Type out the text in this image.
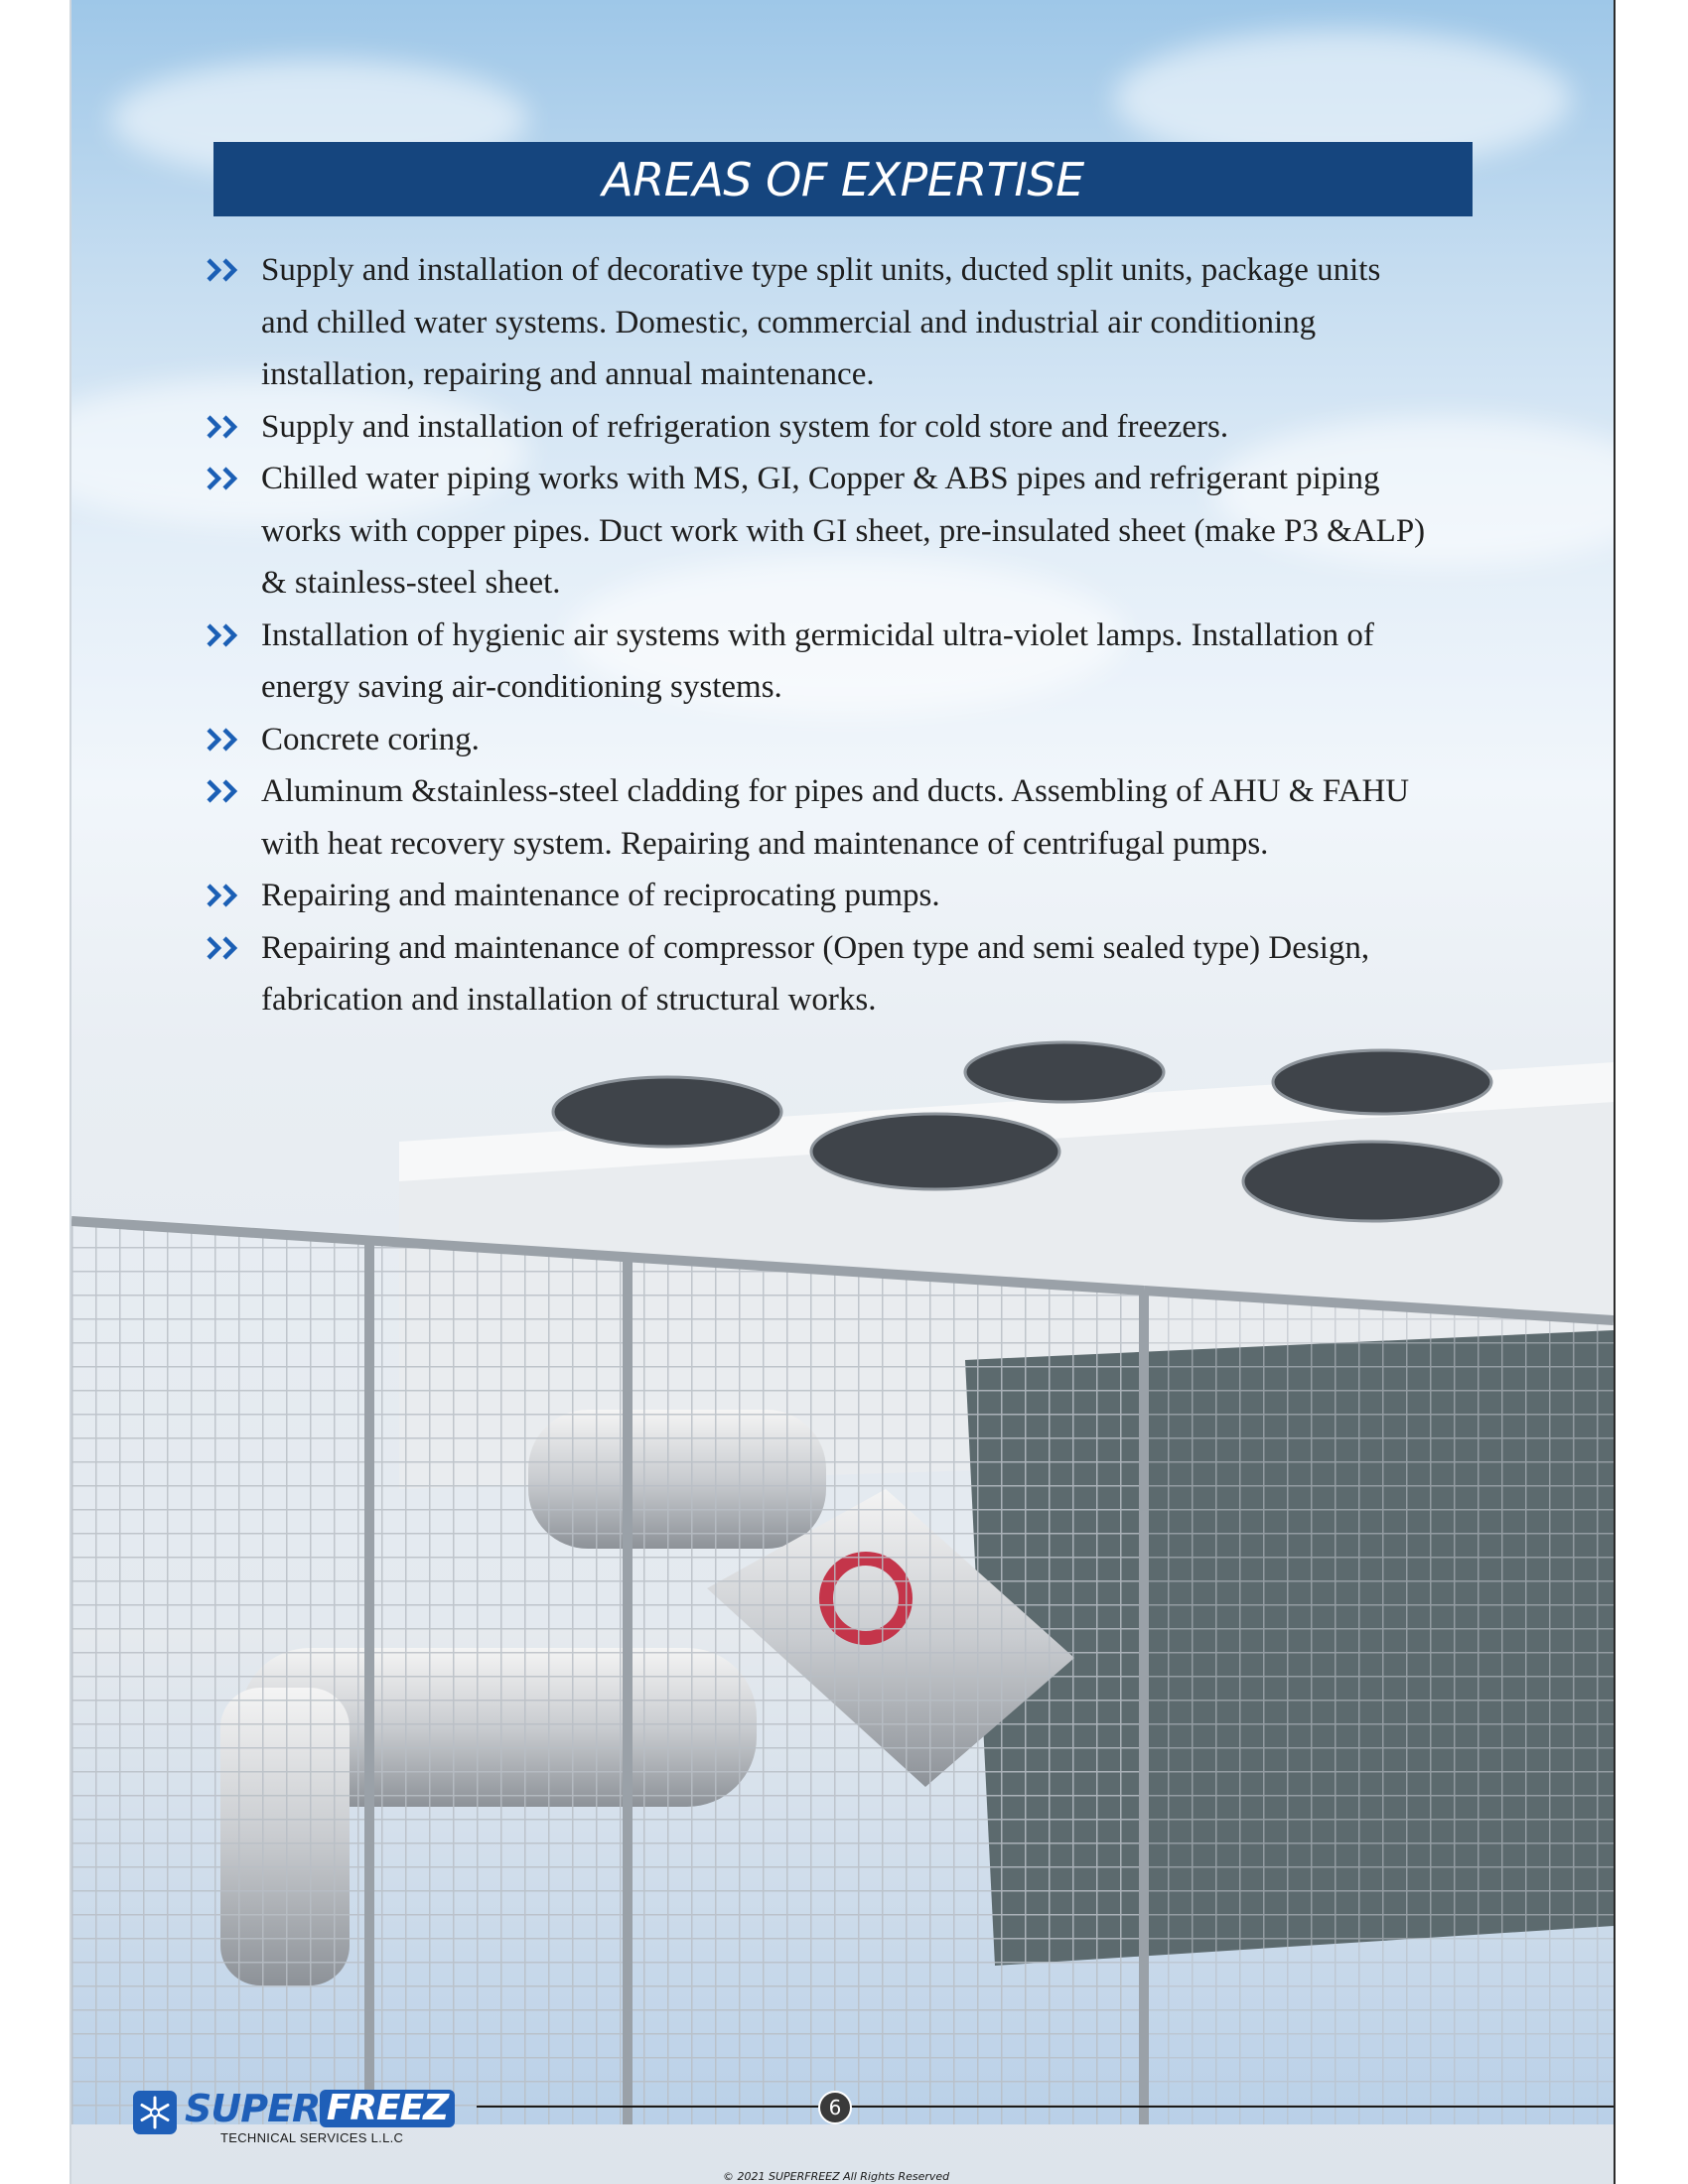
AREAS OF EXPERTISE
Supply and installation of decorative type split units, ducted split units, package units
and chilled water systems. Domestic, commercial and industrial air conditioning
installation, repairing and annual maintenance.
Supply and installation of refrigeration system for cold store and freezers.
Chilled water piping works with MS, GI, Copper & ABS pipes and refrigerant piping
works with copper pipes. Duct work with GI sheet, pre-insulated sheet (make P3 &ALP)
& stainless-steel sheet.
Installation of hygienic air systems with germicidal ultra-violet lamps. Installation of
energy saving air-conditioning systems.
Concrete coring.
Aluminum &stainless-steel cladding for pipes and ducts. Assembling of AHU & FAHU
with heat recovery system. Repairing and maintenance of centrifugal pumps.
Repairing and maintenance of reciprocating pumps.
Repairing and maintenance of compressor (Open type and semi sealed type) Design,
fabrication and installation of structural works.
SUPER FREEZ
TECHNICAL SERVICES L.L.C
6
© 2021 SUPERFREEZ All Rights Reserved
